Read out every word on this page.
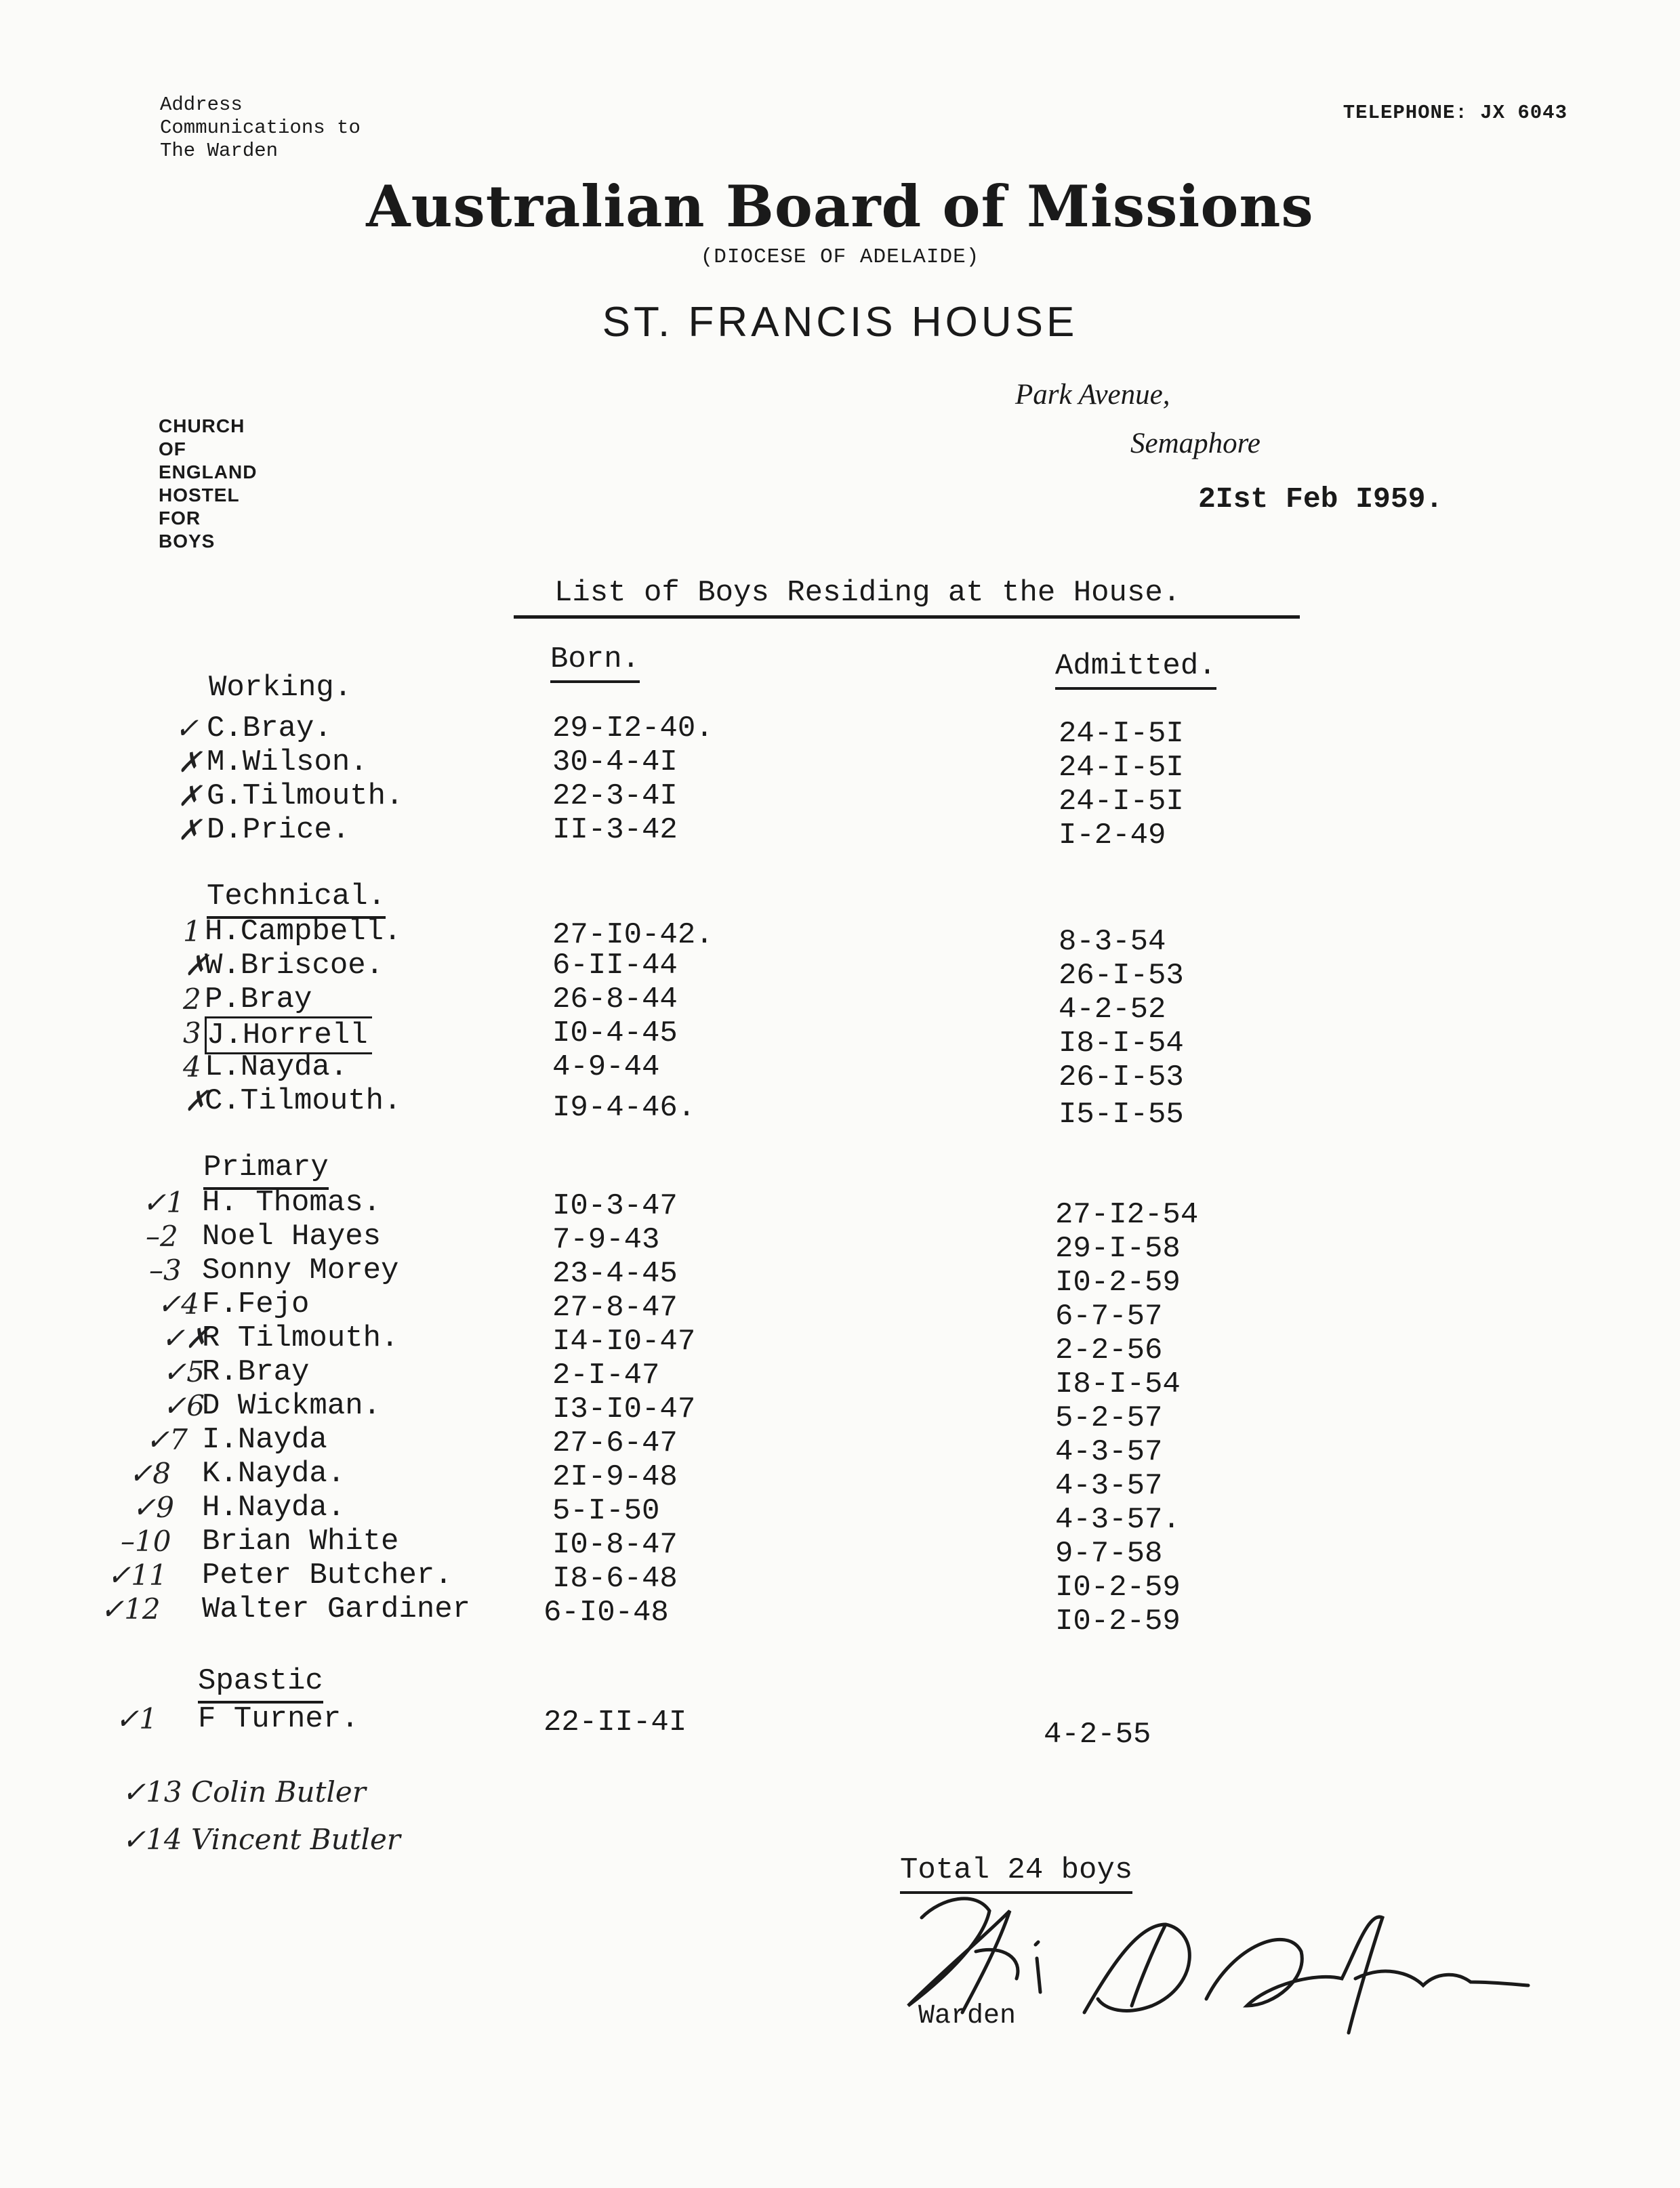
Address
Communications to
The Warden
TELEPHONE: JX 6043
Australian Board of Missions
(DIOCESE OF ADELAIDE)
ST. FRANCIS HOUSE
Park Avenue,
Semaphore
2Ist Feb I959.
CHURCH
OF
ENGLAND
HOSTEL
FOR
BOYS
List of Boys Residing at the House.
Born.	Admitted.
Working.
✓ C.Bray.	29-I2-40.	24-I-5I
✗ M.Wilson.	30-4-4I	24-I-5I
✗ G.Tilmouth.	22-3-4I	24-I-5I
✗ D.Price.	II-3-42	I-2-49
Technical.
1 H.Campbell.	27-I0-42.	8-3-54
✗
W.Briscoe.	6-II-44	26-I-53
2 P.Bray	26-8-44	4-2-52
3 J.Horrell	I0-4-45	I8-I-54
4 L.Nayda.	4-9-44	26-I-53
✗
C.Tilmouth.	I9-4-46.	I5-I-55
Primary
✓1 H. Thomas.	I0-3-47	27-I2-54
–2 Noel Hayes	7-9-43	29-I-58
–3 Sonny Morey	23-4-45	I0-2-59
✓4 F.Fejo	27-8-47	6-7-57
✓✗
R Tilmouth.	I4-I0-47	2-2-56
✓5
R.Bray	2-I-47	I8-I-54
✓6
D Wickman.	I3-I0-47	5-2-57
✓7 I.Nayda	27-6-47	4-3-57
✓8 K.Nayda.	2I-9-48	4-3-57
✓9 H.Nayda.	5-I-50	4-3-57.
–10 Brian White	I0-8-47	9-7-58
✓11 Peter Butcher.	I8-6-48	I0-2-59
✓12 Walter Gardiner 6-I0-48	I0-2-59
Spastic
✓1 F Turner.	22-II-4I	4-2-55
✓13 Colin Butler
✓14 Vincent Butler
Total 24 boys
Warden
